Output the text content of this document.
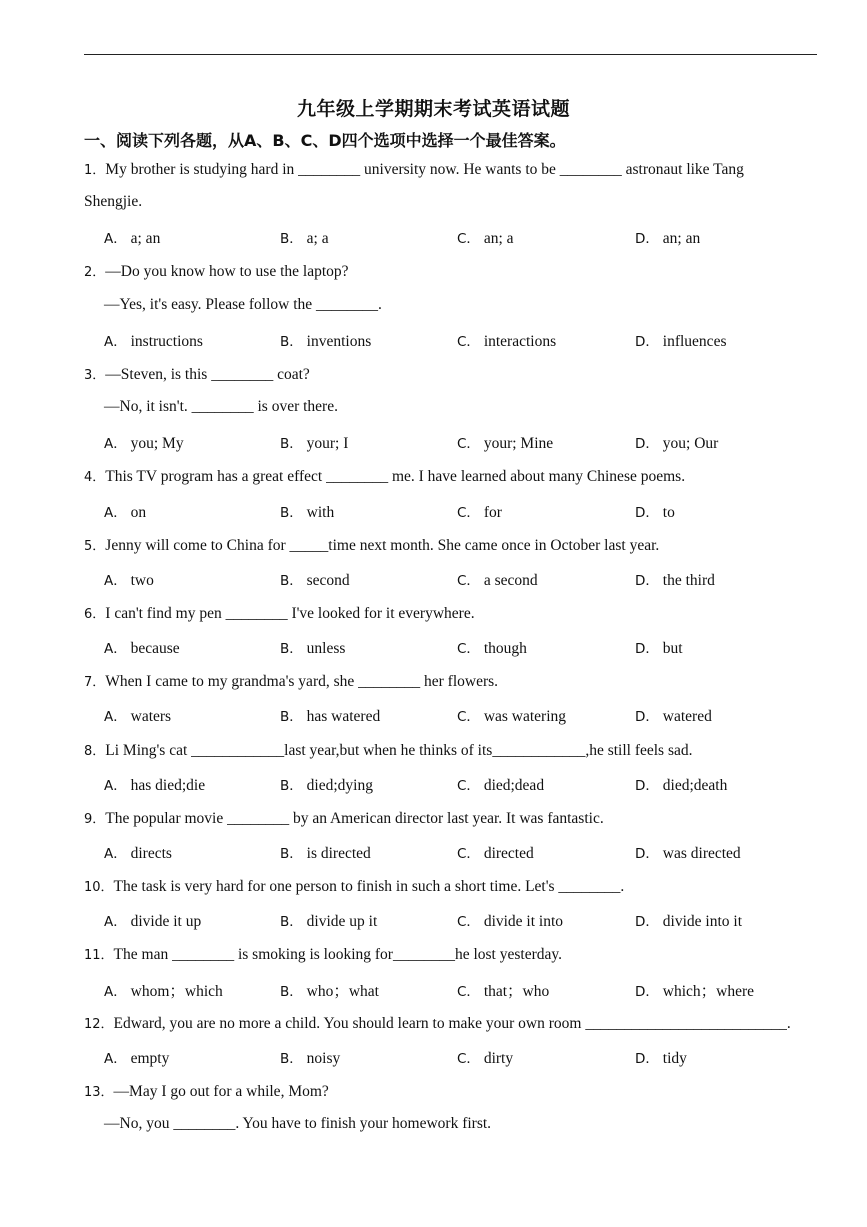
九年级上学期期末考试英语试题
一、阅读下列各题，从A、B、C、D四个选项中选择一个最佳答案。
1．My brother is studying hard in ________ university now. He wants to be ________ astronaut like Tang
Shengjie.
A． a; an	B． a; a	C． an; a	D． an; an
2．—Do you know how to use the laptop?
—Yes, it's easy. Please follow the ________.
A． instructions	B． inventions	C． interactions	D． influences
3．—Steven, is this ________ coat?
—No, it isn't. ________ is over there.
A． you; My	B． your; I	C． your; Mine	D． you; Our
4．This TV program has a great effect ________ me. I have learned about many Chinese poems.
A． on	B． with	C． for	D． to
5．Jenny will come to China for _____time next month. She came once in October last year.
A． two	B． second	C． a second	D． the third
6．I can't find my pen ________ I've looked for it everywhere.
A． because	B． unless	C． though	D． but
7．When I came to my grandma's yard, she ________ her flowers.
A． waters	B． has watered	C． was watering	D． watered
8．Li Ming's cat ____________last year,but when he thinks of its____________,he still feels sad.
A． has died;die	B． died;dying	C． died;dead	D． died;death
9．The popular movie ________ by an American director last year. It was fantastic.
A． directs	B． is directed	C． directed	D． was directed
10．The task is very hard for one person to finish in such a short time. Let's ________.
A． divide it up	B． divide up it	C． divide it into	D． divide into it
11．The man ________ is smoking is looking for________he lost yesterday.
A． whom；which	B． who；what	C． that；who	D． which；where
12．Edward, you are no more a child. You should learn to make your own room __________________________.
A． empty	B． noisy	C． dirty	D． tidy
13．—May I go out for a while, Mom?
—No, you ________. You have to finish your homework first.
